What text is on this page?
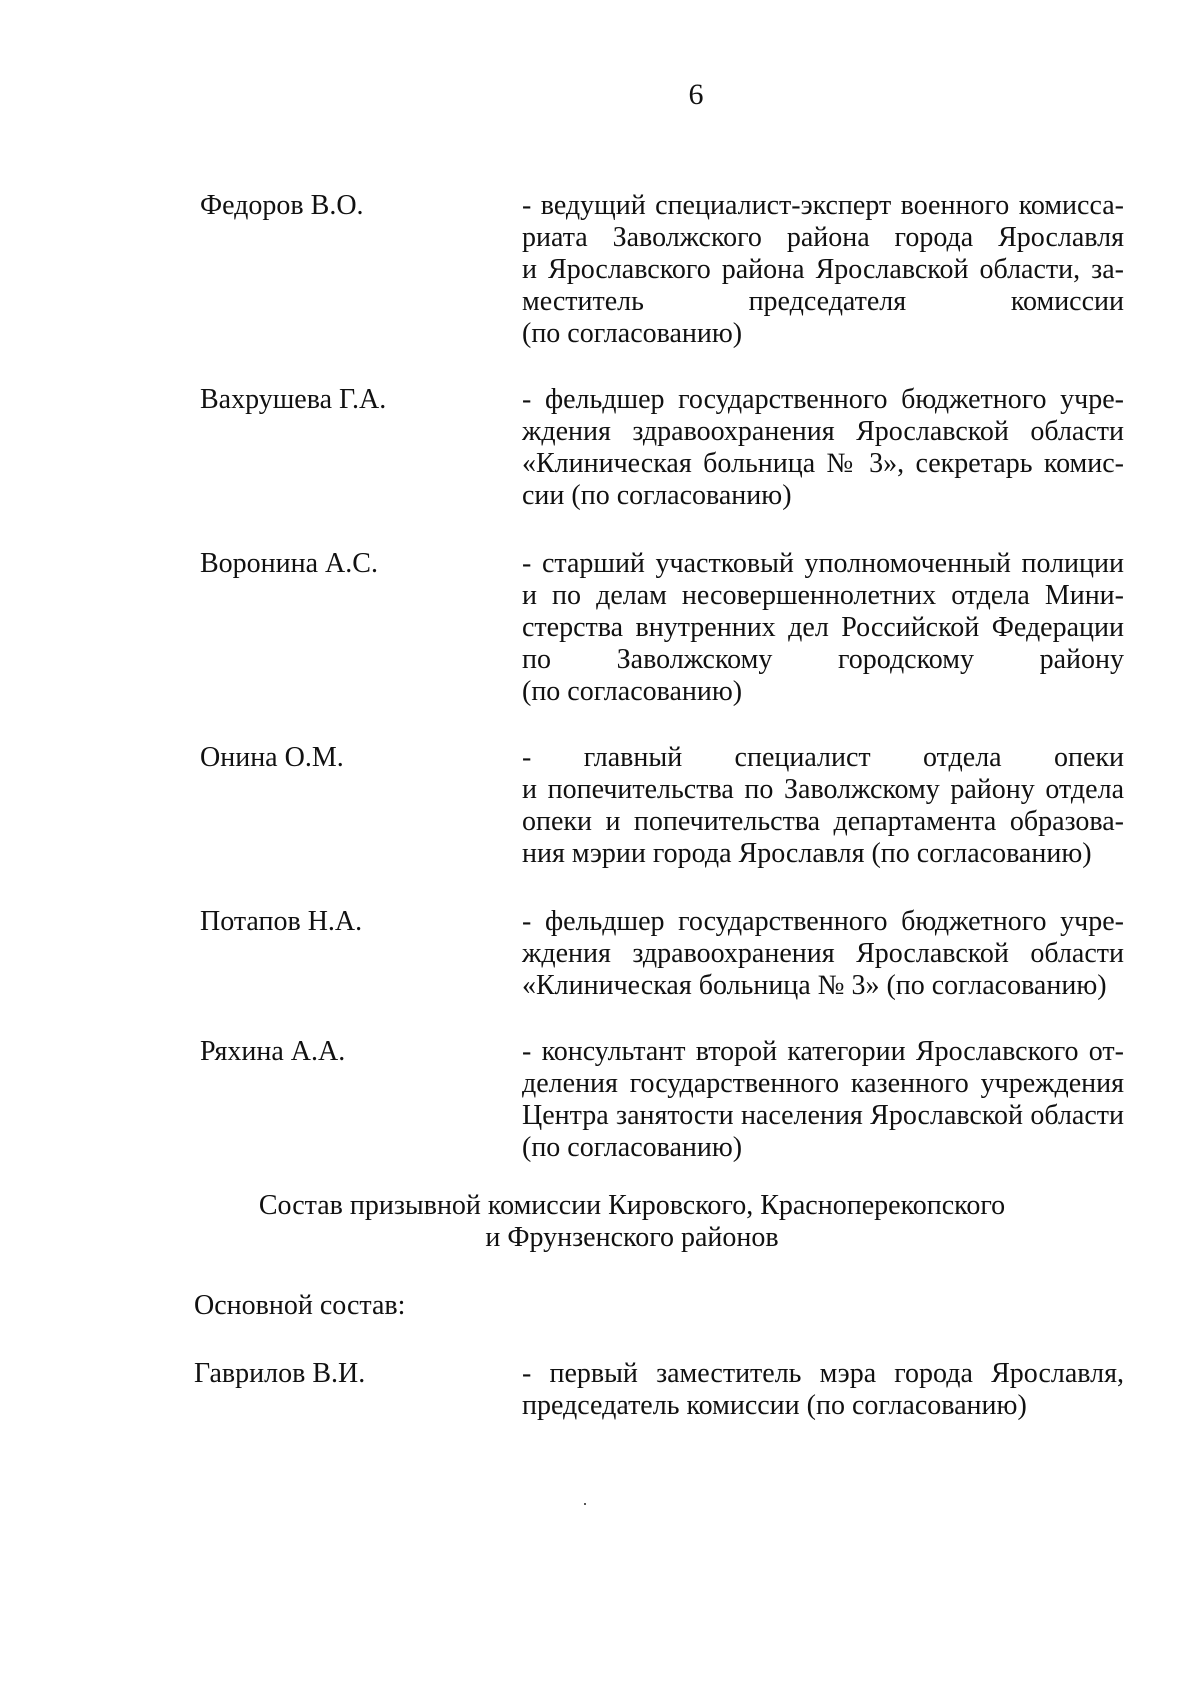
6
Федоров В.О.	- ведущий специалист-эксперт военного комисса-
риата Заволжского района города Ярославля
и Ярославского района Ярославской области, за-
меститель председателя комиссии
(по согласованию)
Вахрушева Г.А.	- фельдшер государственного бюджетного учре-
ждения здравоохранения Ярославской области
«Клиническая больница № 3», секретарь комис-
сии (по согласованию)
Воронина А.С.	- старший участковый уполномоченный полиции
и по делам несовершеннолетних отдела Мини-
стерства внутренних дел Российской Федерации
по Заволжскому городскому району
(по согласованию)
Онина О.М.	- главный специалист отдела опеки
и попечительства по Заволжскому району отдела
опеки и попечительства департамента образова-
ния мэрии города Ярославля (по согласованию)
Потапов Н.А.	- фельдшер государственного бюджетного учре-
ждения здравоохранения Ярославской области
«Клиническая больница № 3» (по согласованию)
Ряхина А.А.	- консультант второй категории Ярославского от-
деления государственного казенного учреждения
Центра занятости населения Ярославской области
(по согласованию)
Состав призывной комиссии Кировского, Красноперекопского
и Фрунзенского районов
Основной состав:
Гаврилов В.И.	- первый заместитель мэра города Ярославля,
председатель комиссии (по согласованию)
